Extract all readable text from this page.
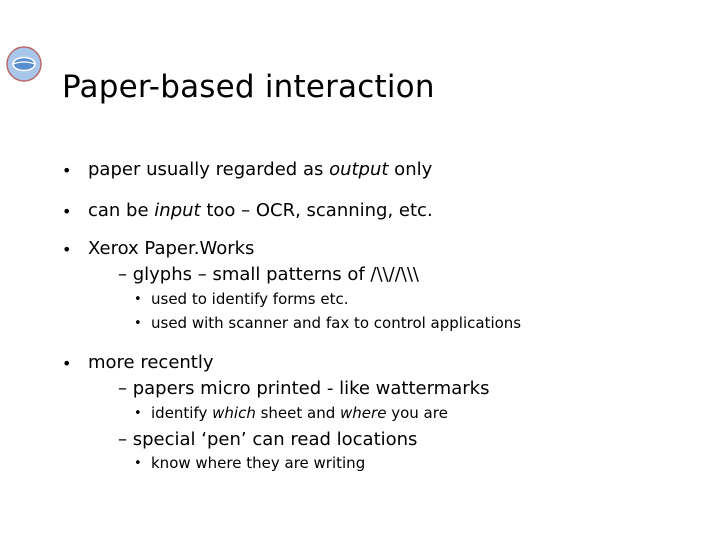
Paper-based interaction
• paper usually regarded as output only
• can be input too – OCR, scanning, etc.
• Xerox Paper.Works
– glyphs – small patterns of /\\//\\\
• used to identify forms etc.
• used with scanner and fax to control applications
• more recently
– papers micro printed - like wattermarks
• identify which sheet and where you are
– special ‘pen’ can read locations
• know where they are writing
